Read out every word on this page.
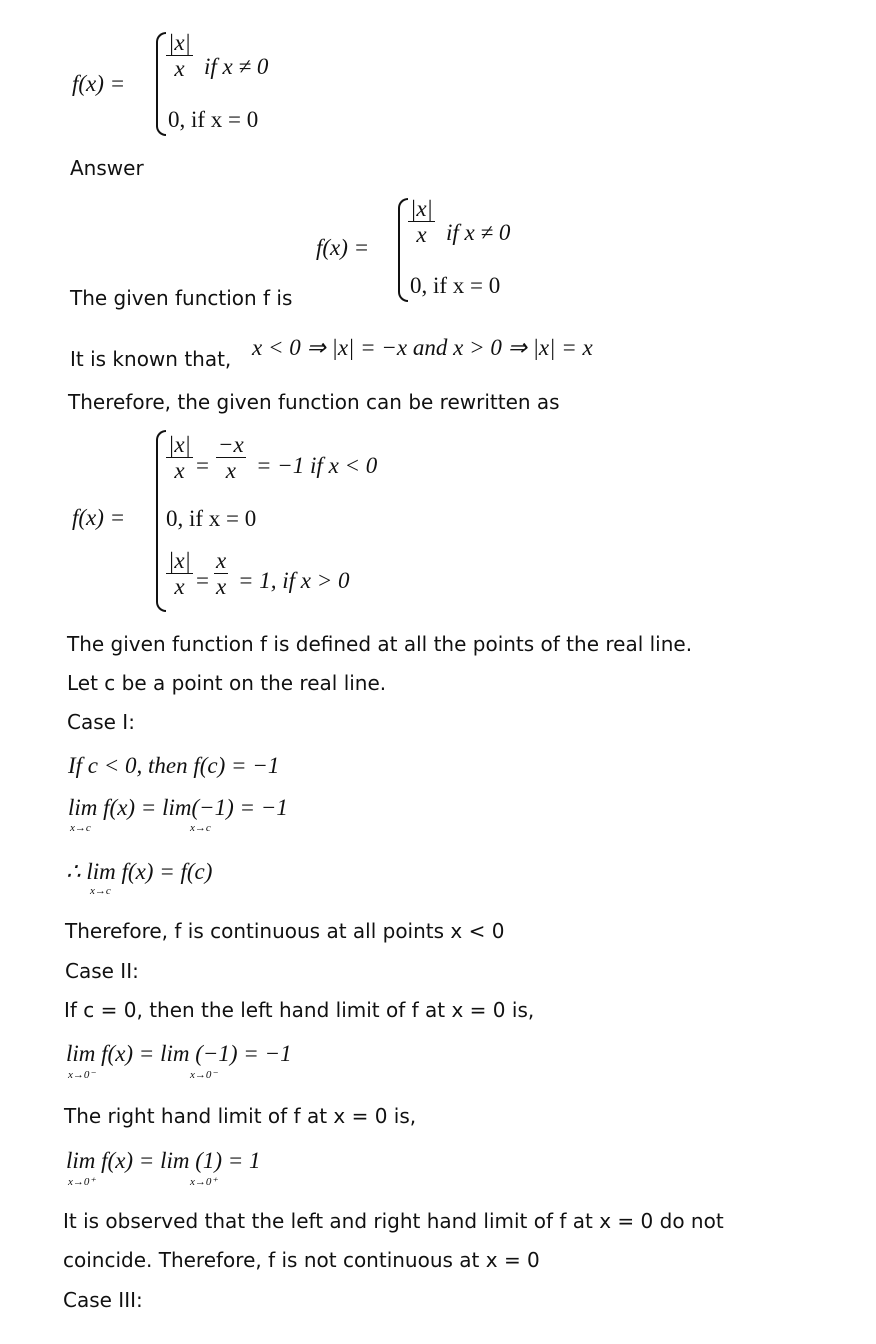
f(x) =
$\frac{|x|}{x}$ if x ≠ 0
0, if x = 0
Answer
The given function f is
$f(x) = \frac{|x|}{x}$ if x ≠ 0
0, if x = 0
It is known that, x < 0 ⇒ |x| = −x and x > 0 ⇒ |x| = x
Therefore, the given function can be rewritten as
f(x) =
$\frac{|x|}{x} = \frac{-x}{x} = -1$ if x < 0
0, if x = 0
$\frac{|x|}{x} = \frac{x}{x} = 1$, if x > 0
The given function f is defined at all the points of the real line.
Let c be a point on the real line.
Case I:
If c < 0, then f(c) = −1
lim f(x) = lim(−1) = −1
x→c	x→c
∴ lim f(x) = f(c)
x→c
Therefore, f is continuous at all points x < 0
Case II:
If c = 0, then the left hand limit of f at x = 0 is,
lim f(x) = lim (−1) = −1
x→0⁻	x→0⁻
The right hand limit of f at x = 0 is,
lim f(x) = lim (1) = 1
x→0⁺	x→0⁺
It is observed that the left and right hand limit of f at x = 0 do not
coincide. Therefore, f is not continuous at x = 0
Case III:
